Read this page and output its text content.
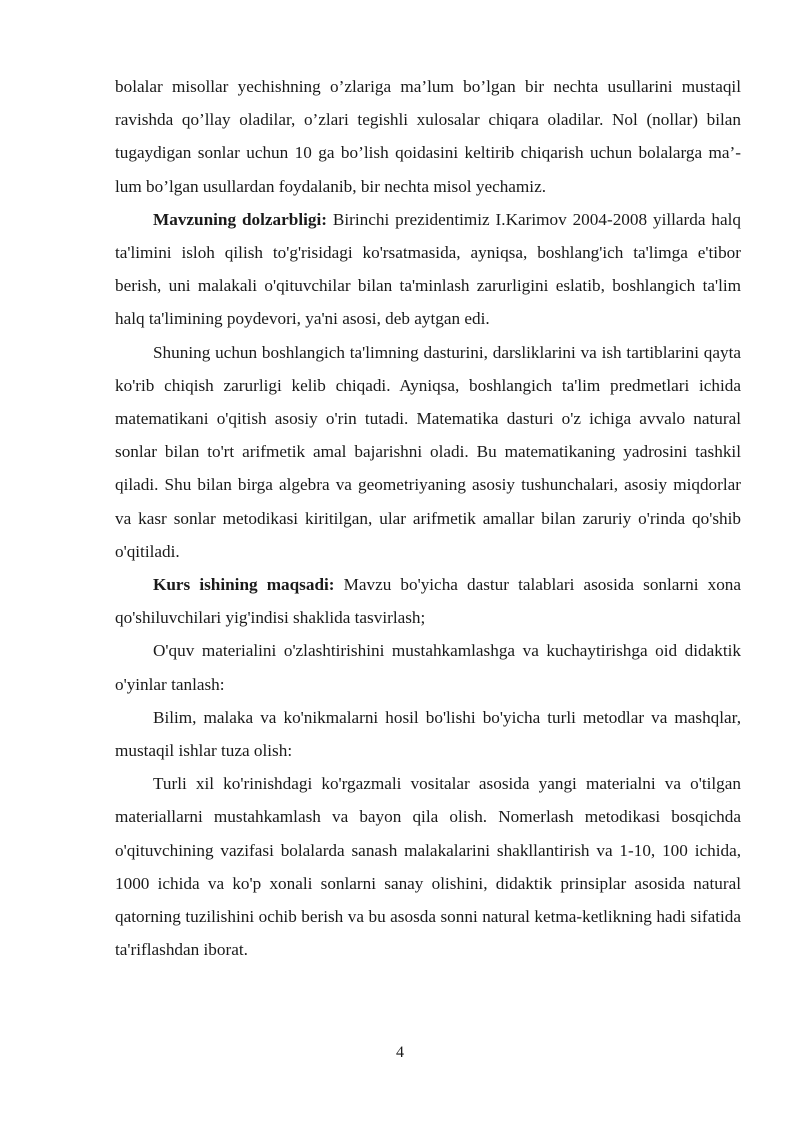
bolalar misollar yechishning o’zlariga ma’lum bo’lgan bir nechta usullarini mustaqil ravishda qo’llay oladilar, o’zlari tegishli xulosalar chiqara oladilar. Nol (nollar) bilan tugaydigan sonlar uchun 10 ga bo’lish qoidasini keltirib chiqarish uchun bolalarga ma’-lum bo’lgan usullardan foydalanib, bir nechta misol yechamiz.

Mavzuning dolzarbligi: Birinchi prezidentimiz I.Karimov 2004-2008 yillarda halq ta'limini isloh qilish to'g'risidagi ko'rsatmasida, ayniqsa, boshlang'ich ta'limga e'tibor berish, uni malakali o'qituvchilar bilan ta'minlash zarurligini eslatib, boshlangich ta'lim halq ta'limining poydevori, ya'ni asosi, deb aytgan edi.

Shuning uchun boshlangich ta'limning dasturini, darsliklarini va ish tartiblarini qayta ko'rib chiqish zarurligi kelib chiqadi. Ayniqsa, boshlangich ta'lim predmetlari ichida matematikani o'qitish asosiy o'rin tutadi. Matematika dasturi o'z ichiga avvalo natural sonlar bilan to'rt arifmetik amal bajarishni oladi. Bu matematikaning yadrosini tashkil qiladi. Shu bilan birga algebra va geometriyaning asosiy tushunchalari, asosiy miqdorlar va kasr sonlar metodikasi kiritilgan, ular arifmetik amallar bilan zaruriy o'rinda qo'shib o'qitiladi.

Kurs ishining maqsadi: Mavzu bo'yicha dastur talablari asosida sonlarni xona qo'shiluvchilari yig'indisi shaklida tasvirlash;

O'quv materialini o'zlashtirishini mustahkamlashga va kuchaytirishga oid didaktik o'yinlar tanlash:

Bilim, malaka va ko'nikmalarni hosil bo'lishi bo'yicha turli metodlar va mashqlar, mustaqil ishlar tuza olish:

Turli xil ko'rinishdagi ko'rgazmali vositalar asosida yangi materialni va o'tilgan materiallarni mustahkamlash va bayon qila olish. Nomerlash metodikasi bosqichda o'qituvchining vazifasi bolalarda sanash malakalarini shakllantirish va 1-10, 100 ichida, 1000 ichida va ko'p xonali sonlarni sanay olishini, didaktik prinsiplar asosida natural qatorning tuzilishini ochib berish va bu asosda sonni natural ketma-ketlikning hadi sifatida ta'riflashdan iborat.

4
